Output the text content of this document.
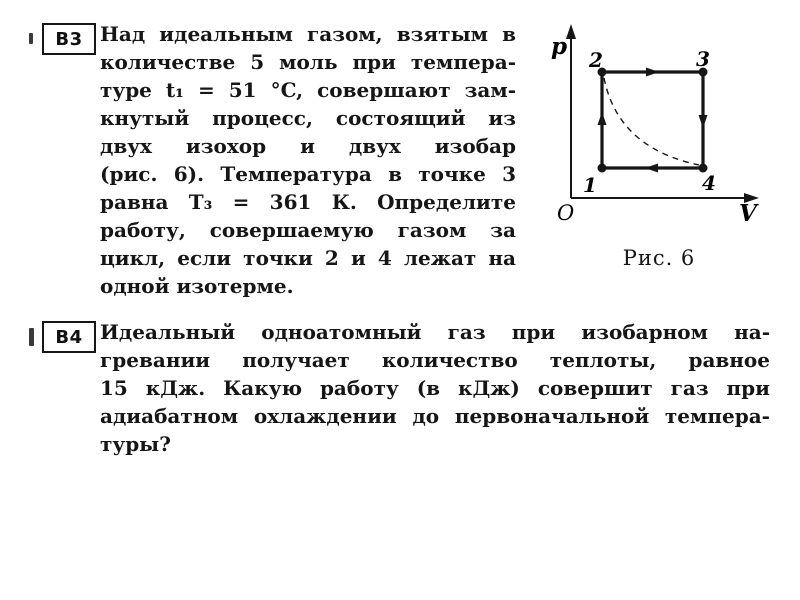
В3 Над идеальным газом, взятым в
количестве 5 моль при темпера-
туре t₁ = 51 °C, совершают зам-
кнутый процесс, состоящий из
двух изохор и двух изобар
(рис. 6). Температура в точке 3
равна T₃ = 361 К. Определите
работу, совершаемую газом за
цикл, если точки 2 и 4 лежат на
одной изотерме.
p
V
O
1
2	3
4
Рис. 6
В4 Идеальный одноатомный газ при изобарном на-
гревании получает количество теплоты, равное
15 кДж. Какую работу (в кДж) совершит газ при
адиабатном охлаждении до первоначальной темпера-
туры?
